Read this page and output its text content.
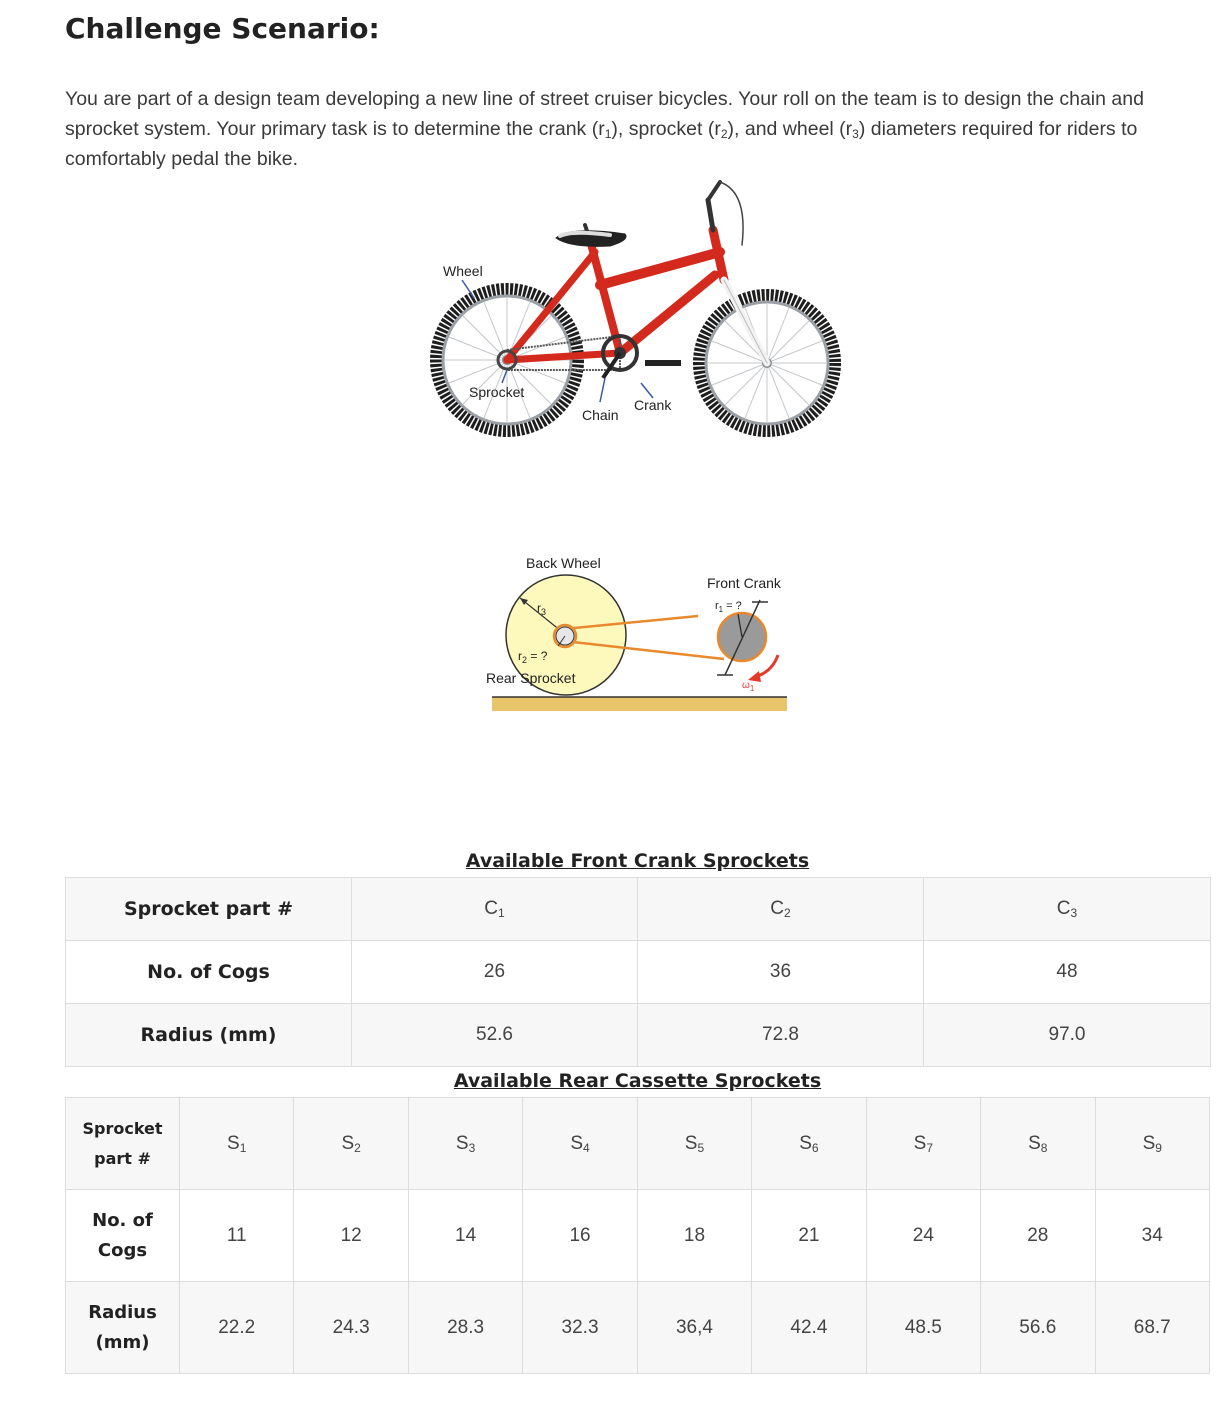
Challenge Scenario:

You are part of a design team developing a new line of street cruiser bicycles. Your roll on the team is to design the chain and sprocket system. Your primary task is to determine the crank $(r_1)$, sprocket $(r_2)$, and wheel $(r_3)$ diameters required for riders to comfortably pedal the bike.

Wheel
Sprocket
Chain
Crank
Back Wheel
Front Crank
$r_1$ = ?
$r_3$
$r_2$ = ?
Rear Sprocket	$\omega_1$

Available Front Crank Sprockets

Sprocket part #	$C_1$	$C_2$	$C_3$
No. of Cogs	26	36	48
Radius (mm)	52.6	72.8	97.0

Available Rear Cassette Sprockets

Sprocket
part #	$S_1$	$S_2$	$S_3$	$S_4$	$S_5$	$S_6$	$S_7$	$S_8$	$S_9$
No. of
Cogs	11	12	14	16	18	21	24	28	34
Radius
(mm)	22.2	24.3	28.3	32.3	36,4	42.4	48.5	56.6	68.7
